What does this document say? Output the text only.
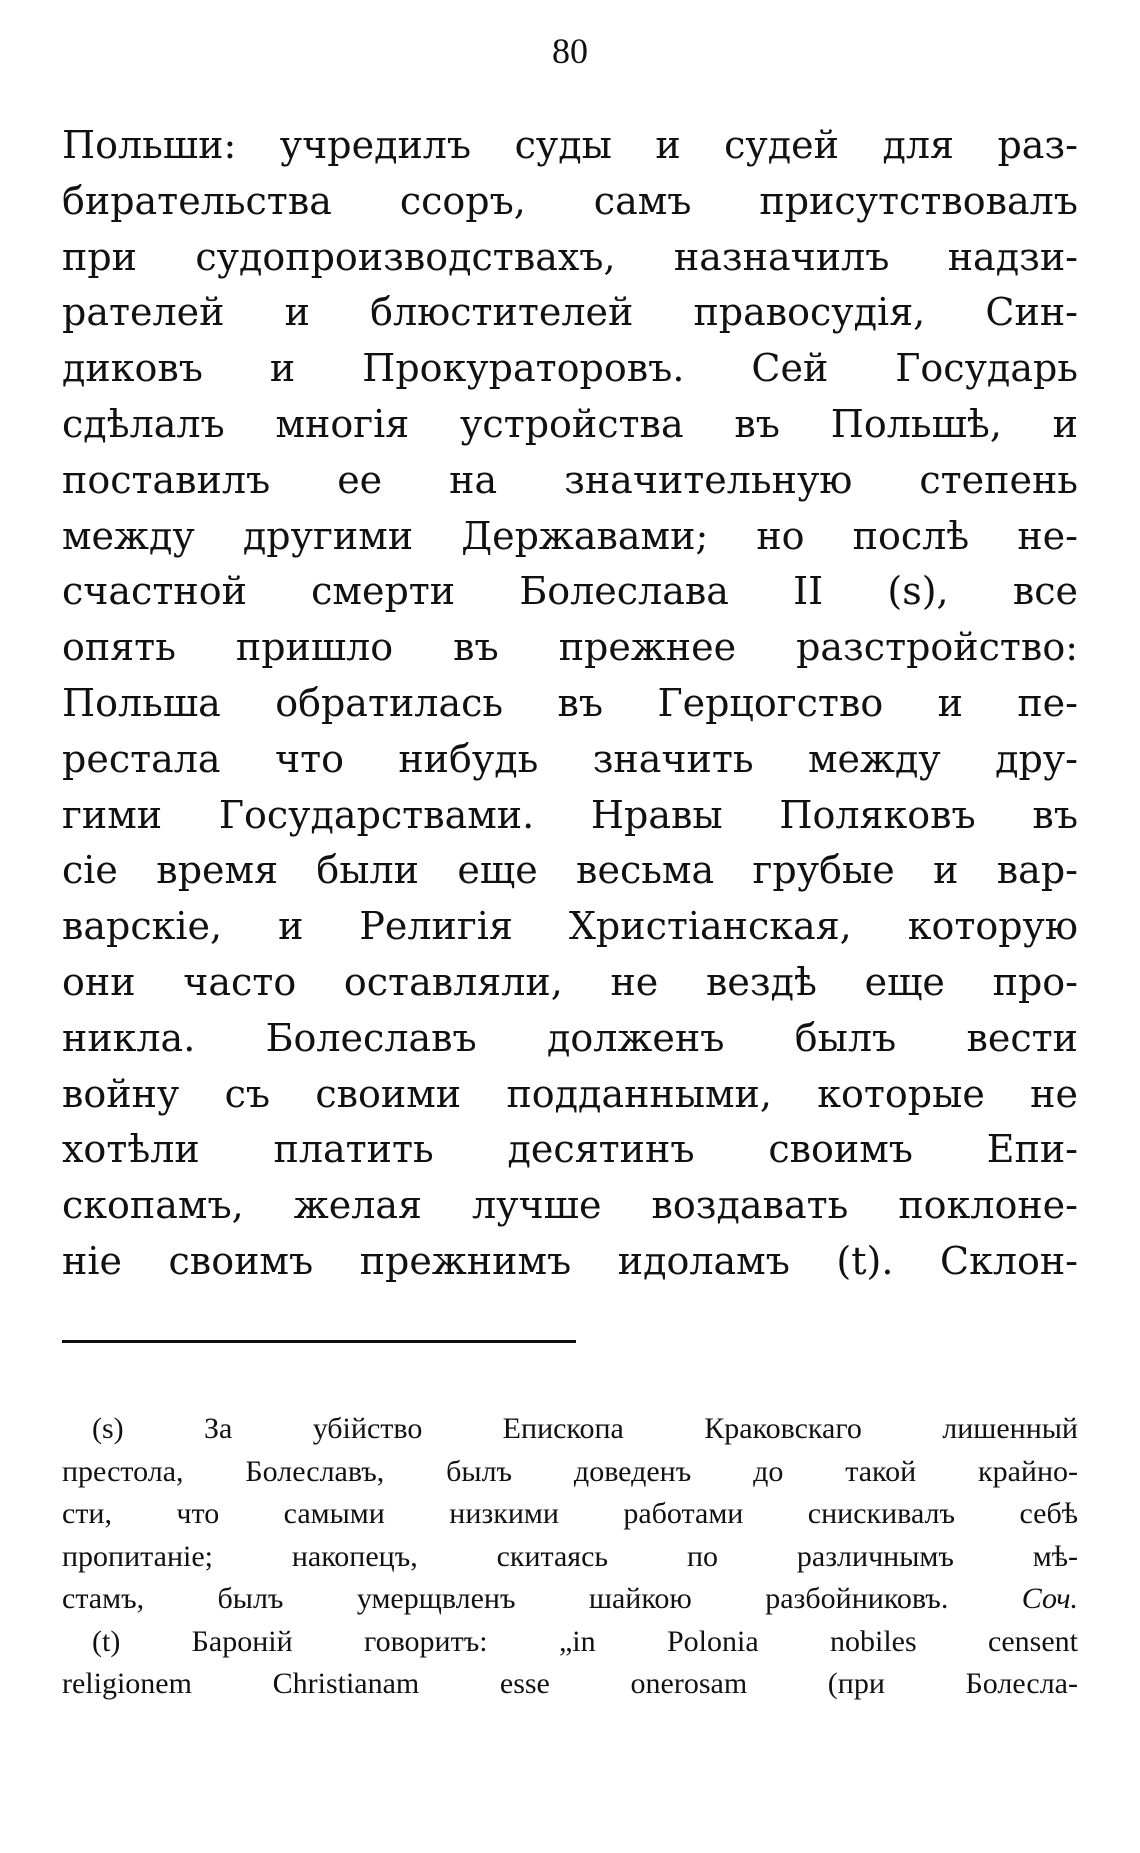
80
Польши: учредилъ суды и судей для раз-
бирательства ссоръ, самъ присутствовалъ
при судопроизводствахъ, назначилъ надзи-
рателей и блюстителей правосудія, Син-
диковъ и Прокураторовъ. Сей Государь
сдѣлалъ многія устройства въ Польшѣ, и
поставилъ ее на значительную степень
между другими Державами; но послѣ не-
счастной смерти Болеслава II (s), все
опять пришло въ прежнее разстройство:
Польша обратилась въ Герцогство и пе-
рестала что нибудь значить между дру-
гими Государствами. Нравы Поляковъ въ
сіе время были еще весьма грубые и вар-
варскіе, и Религія Христіанская, которую
они часто оставляли, не вездѣ еще про-
никла. Болеславъ долженъ былъ вести
войну съ своими подданными, которые не
хотѣли платить десятинъ своимъ Епи-
скопамъ, желая лучше воздавать поклоне-
ніе своимъ прежнимъ идоламъ (t). Склон-
(s) За убійство Епископа Краковскаго лишенный
престола, Болеславъ, былъ доведенъ до такой крайно-
сти, что самыми низкими работами снискивалъ себѣ
пропитаніе; накопецъ, скитаясь по различнымъ мѣ-
стамъ, былъ умерщвленъ шайкою разбойниковъ. Соч.
(t) Бароній говоритъ: „in Polonia nobiles censent
religionem Christianam esse onerosam (при Болесла-
